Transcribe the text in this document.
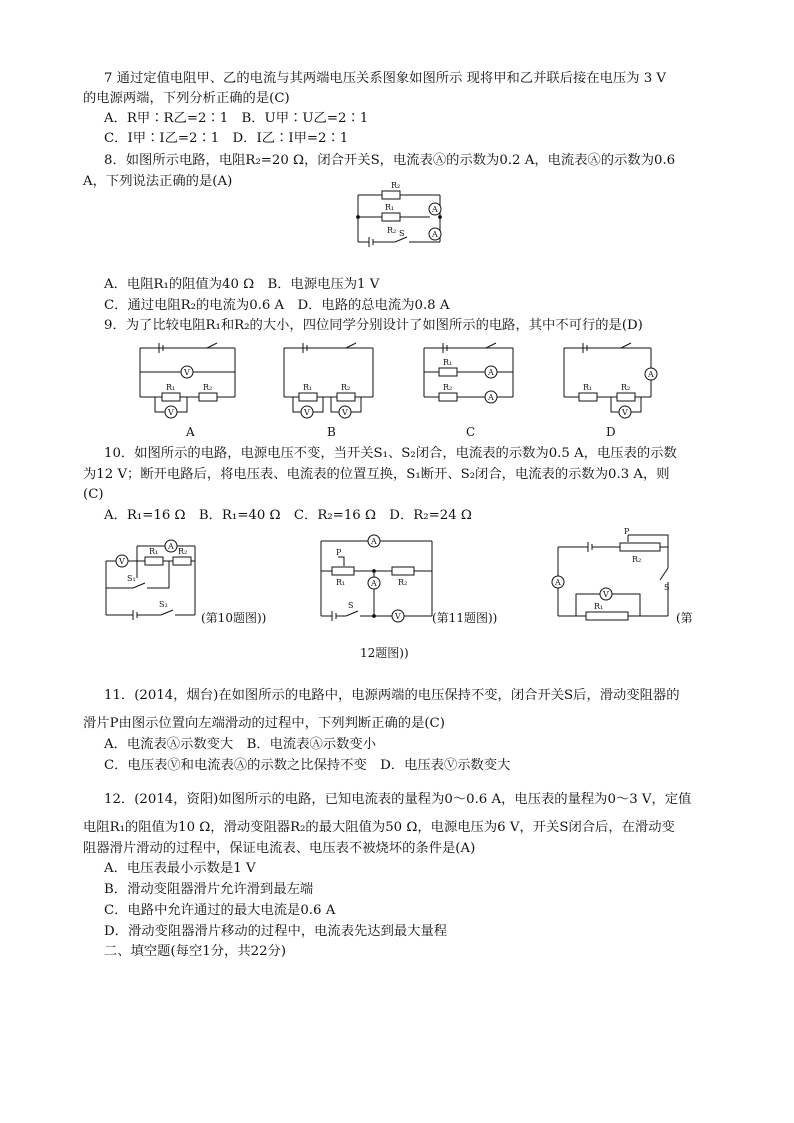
7 通过定值电阻甲、乙的电流与其两端电压关系图象如图所示 现将甲和乙并联后接在电压为 3 V
的电源两端，下列分析正确的是(C)
A．R甲∶R乙=2∶1　B．U甲∶U乙=2∶1
C．I甲∶I乙=2∶1　D．I乙∶I甲=2∶1
8．如图所示电路，电阻R₂=20 Ω，闭合开关S，电流表Ⓐ的示数为0.2 A，电流表Ⓐ的示数为0.6
A，下列说法正确的是(A)	R₂
R₁
R₂
A
A
S
A．电阻R₁的阻值为40 Ω　B．电源电压为1 V
C．通过电阻R₂的电流为0.6 A　D．电路的总电流为0.8 A
9．为了比较电阻R₁和R₂的大小，四位同学分别设计了如图所示的电路，其中不可行的是(D)
V
R₁	R₂
V
R₁	R₂
V	V
A
R₁
A
R₂
A
R₁	R₂
V
A	B	C	D
10．如图所示的电路，电源电压不变，当开关S₁、S₂闭合，电流表的示数为0.5 A，电压表的示数
为12 V；断开电路后，将电压表、电流表的位置互换，S₁断开、S₂闭合，电流表的示数为0.3 A，则
(C)
A．R₁=16 Ω　B．R₁=40 Ω　C．R₂=16 Ω　D．R₂=24 Ω
V
A
R₁ R₂
S₁
S₂
(第10题图))
A
R₁	R₂
P
A
S
V	(第11题图))
P
R₂
A
S
R₁
V
(第
12题图))
11．(2014，烟台)在如图所示的电路中，电源两端的电压保持不变，闭合开关S后，滑动变阻器的
滑片P由图示位置向左端滑动的过程中，下列判断正确的是(C)
A．电流表Ⓐ示数变大　B．电流表Ⓐ示数变小
C．电压表Ⓥ和电流表Ⓐ的示数之比保持不变　D．电压表Ⓥ示数变大
12．(2014，资阳)如图所示的电路，已知电流表的量程为0～0.6 A，电压表的量程为0～3 V，定值
电阻R₁的阻值为10 Ω，滑动变阻器R₂的最大阻值为50 Ω，电源电压为6 V，开关S闭合后，在滑动变
阻器滑片滑动的过程中，保证电流表、电压表不被烧坏的条件是(A)
A．电压表最小示数是1 V
B．滑动变阻器滑片允许滑到最左端
C．电路中允许通过的最大电流是0.6 A
D．滑动变阻器滑片移动的过程中，电流表先达到最大量程
二、填空题(每空1分，共22分)
